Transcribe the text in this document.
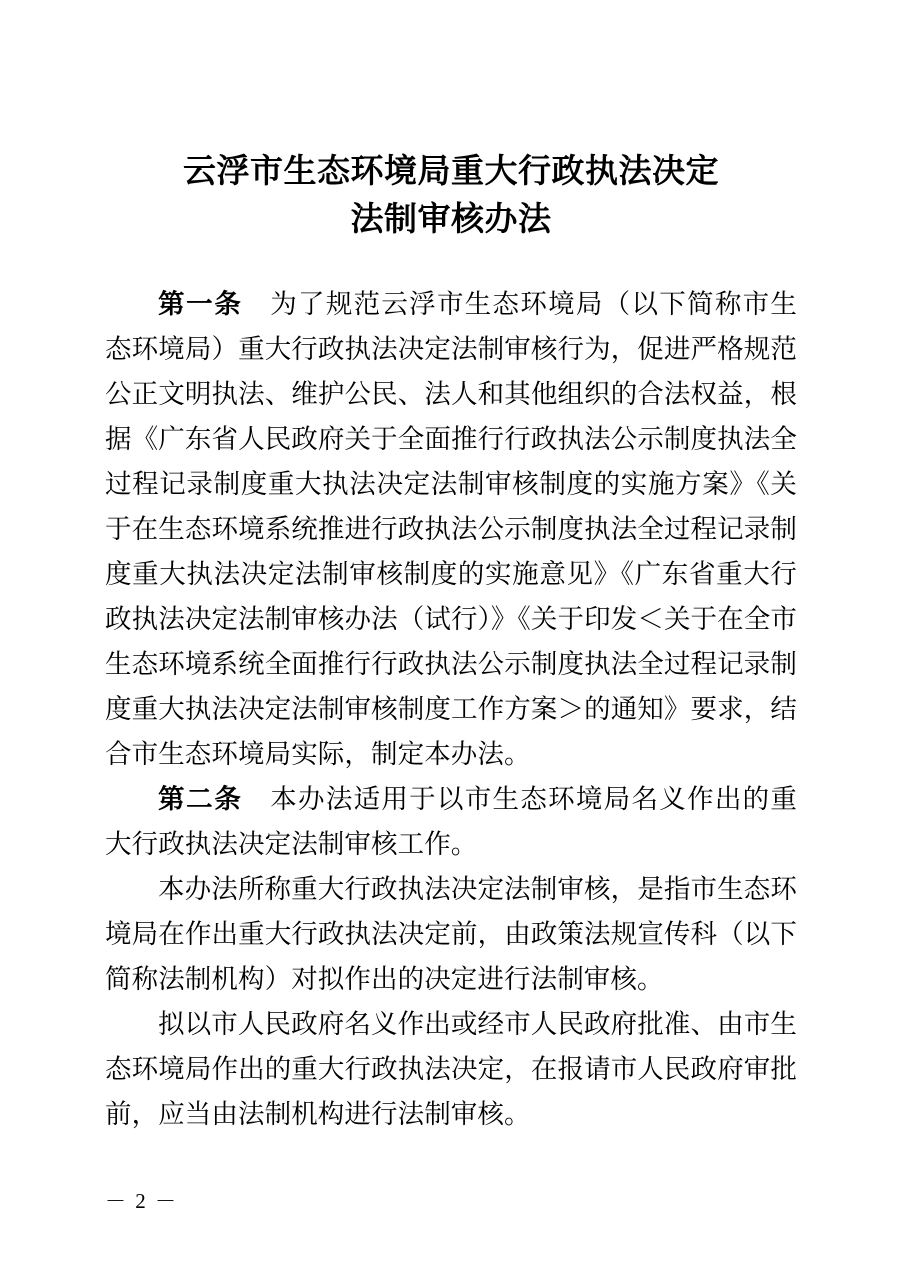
云浮市生态环境局重大行政执法决定
法制审核办法

第一条 为了规范云浮市生态环境局（以下简称市生态环境局）重大行政执法决定法制审核行为，促进严格规范公正文明执法、维护公民、法人和其他组织的合法权益，根据《广东省人民政府关于全面推行行政执法公示制度执法全过程记录制度重大执法决定法制审核制度的实施方案》《关于在生态环境系统推进行政执法公示制度执法全过程记录制度重大执法决定法制审核制度的实施意见》《广东省重大行政执法决定法制审核办法（试行）》《关于印发＜关于在全市生态环境系统全面推行行政执法公示制度执法全过程记录制度重大执法决定法制审核制度工作方案＞的通知》要求，结合市生态环境局实际，制定本办法。

第二条 本办法适用于以市生态环境局名义作出的重大行政执法决定法制审核工作。

本办法所称重大行政执法决定法制审核，是指市生态环境局在作出重大行政执法决定前，由政策法规宣传科（以下简称法制机构）对拟作出的决定进行法制审核。

拟以市人民政府名义作出或经市人民政府批准、由市生态环境局作出的重大行政执法决定，在报请市人民政府审批前，应当由法制机构进行法制审核。

－ 2 －
